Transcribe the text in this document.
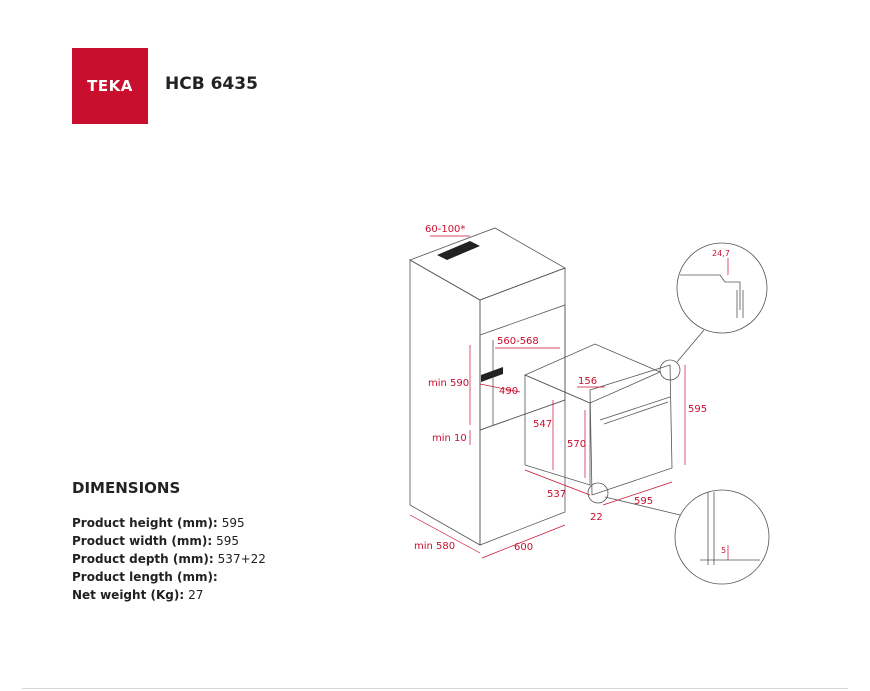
TEKA HCB 6435
60-100*
560-568
min 590
490
min 10
min 580	600
156
547
570
595
537
22
595
24,7
5
DIMENSIONS
Product height (mm): 595
Product width (mm): 595
Product depth (mm): 537+22
Product length (mm):
Net weight (Kg): 27
